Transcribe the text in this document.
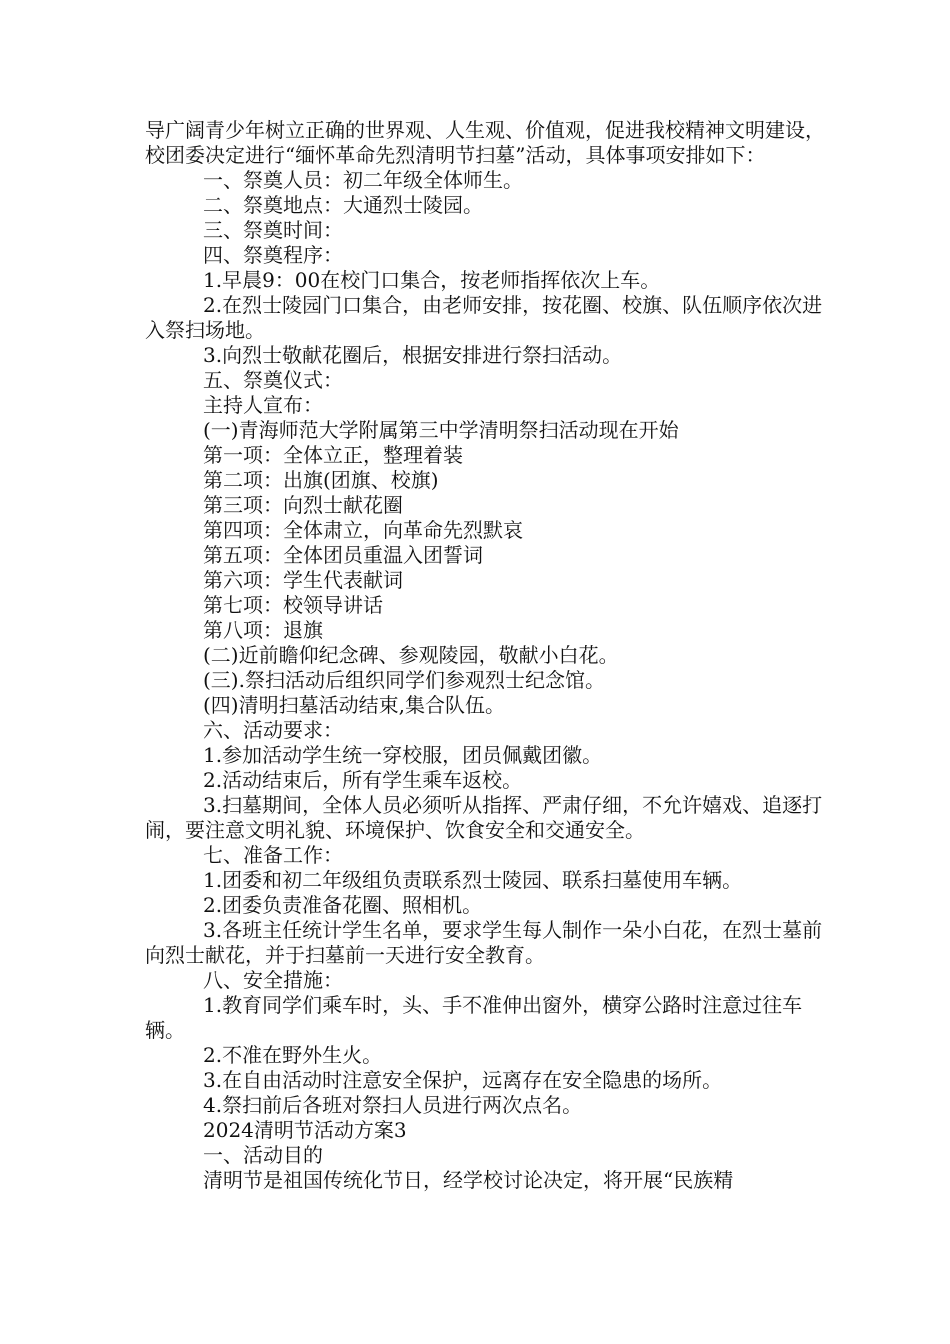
导广阔青少年树立正确的世界观、人生观、价值观，促进我校精神文明建设，校团委决定进行“缅怀革命先烈清明节扫墓”活动，具体事项安排如下：

一、祭奠人员：初二年级全体师生。

二、祭奠地点：大通烈士陵园。

三、祭奠时间：

四、祭奠程序：

1.早晨9：00在校门口集合，按老师指挥依次上车。

2.在烈士陵园门口集合，由老师安排，按花圈、校旗、队伍顺序依次进入祭扫场地。

3.向烈士敬献花圈后，根据安排进行祭扫活动。

五、祭奠仪式：

主持人宣布：

(一)青海师范大学附属第三中学清明祭扫活动现在开始

第一项：全体立正，整理着装

第二项：出旗(团旗、校旗)

第三项：向烈士献花圈

第四项：全体肃立，向革命先烈默哀

第五项：全体团员重温入团誓词

第六项：学生代表献词

第七项：校领导讲话

第八项：退旗

(二)近前瞻仰纪念碑、参观陵园，敬献小白花。

(三).祭扫活动后组织同学们参观烈士纪念馆。

(四)清明扫墓活动结束,集合队伍。

六、活动要求：

1.参加活动学生统一穿校服，团员佩戴团徽。

2.活动结束后，所有学生乘车返校。

3.扫墓期间，全体人员必须听从指挥、严肃仔细，不允许嬉戏、追逐打闹，要注意文明礼貌、环境保护、饮食安全和交通安全。

七、准备工作：

1.团委和初二年级组负责联系烈士陵园、联系扫墓使用车辆。

2.团委负责准备花圈、照相机。

3.各班主任统计学生名单，要求学生每人制作一朵小白花，在烈士墓前向烈士献花，并于扫墓前一天进行安全教育。

八、安全措施：

1.教育同学们乘车时，头、手不准伸出窗外，横穿公路时注意过往车辆。

2.不准在野外生火。

3.在自由活动时注意安全保护，远离存在安全隐患的场所。

4.祭扫前后各班对祭扫人员进行两次点名。

2024清明节活动方案3

一、活动目的

清明节是祖国传统化节日，经学校讨论决定，将开展“民族精
